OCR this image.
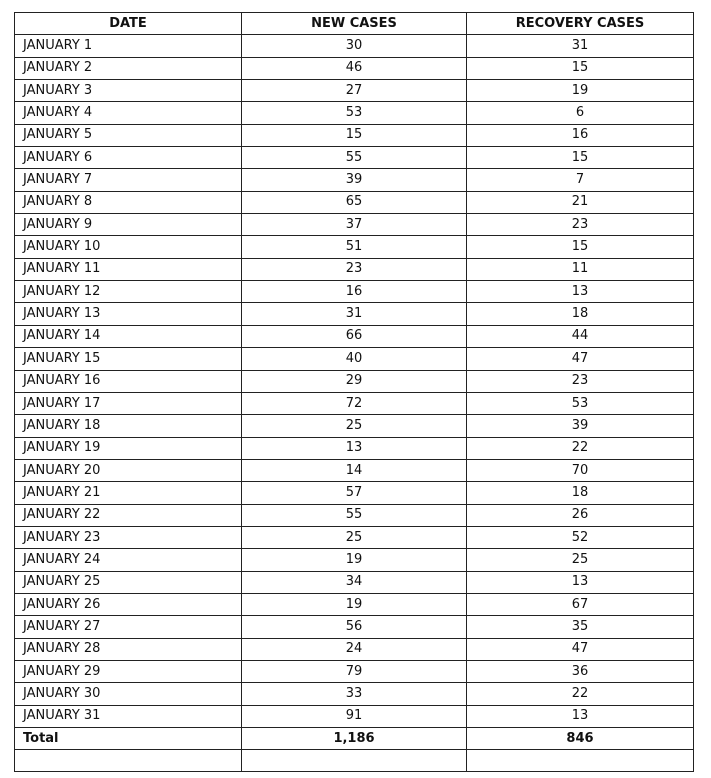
DATE	NEW CASES	RECOVERY CASES
JANUARY 1	30	31
JANUARY 2	46	15
JANUARY 3	27	19
JANUARY 4	53	6
JANUARY 5	15	16
JANUARY 6	55	15
JANUARY 7	39	7
JANUARY 8	65	21
JANUARY 9	37	23
JANUARY 10	51	15
JANUARY 11	23	11
JANUARY 12	16	13
JANUARY 13	31	18
JANUARY 14	66	44
JANUARY 15	40	47
JANUARY 16	29	23
JANUARY 17	72	53
JANUARY 18	25	39
JANUARY 19	13	22
JANUARY 20	14	70
JANUARY 21	57	18
JANUARY 22	55	26
JANUARY 23	25	52
JANUARY 24	19	25
JANUARY 25	34	13
JANUARY 26	19	67
JANUARY 27	56	35
JANUARY 28	24	47
JANUARY 29	79	36
JANUARY 30	33	22
JANUARY 31	91	13
Total	1,186	846
